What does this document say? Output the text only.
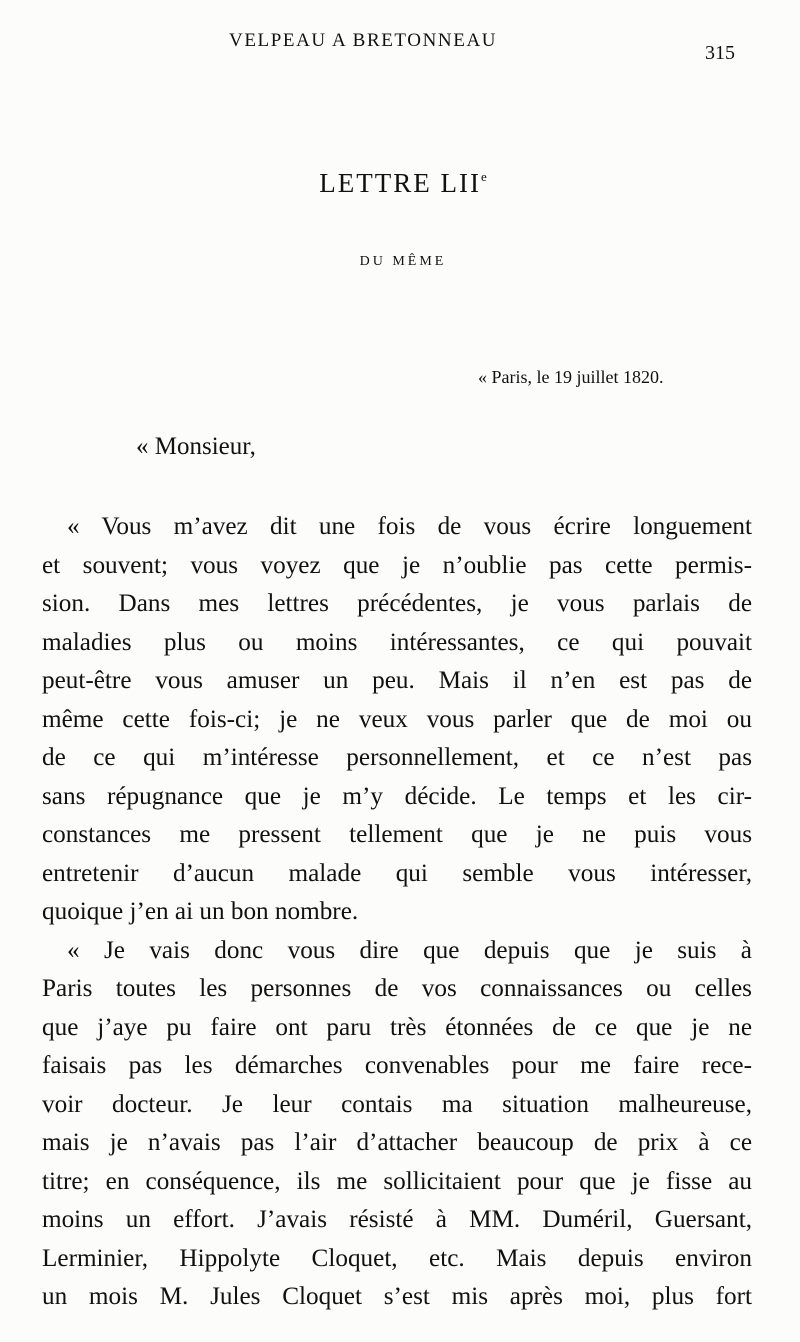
VELPEAU A BRETONNEAU
315
LETTRE LIIe
DU MÊME
« Paris, le 19 juillet 1820.
« Monsieur,
« Vous m’avez dit une fois de vous écrire longuement
et souvent; vous voyez que je n’oublie pas cette permis-
sion. Dans mes lettres précédentes, je vous parlais de
maladies plus ou moins intéressantes, ce qui pouvait
peut-être vous amuser un peu. Mais il n’en est pas de
même cette fois-ci; je ne veux vous parler que de moi ou
de ce qui m’intéresse personnellement, et ce n’est pas
sans répugnance que je m’y décide. Le temps et les cir-
constances me pressent tellement que je ne puis vous
entretenir d’aucun malade qui semble vous intéresser,
quoique j’en ai un bon nombre.
« Je vais donc vous dire que depuis que je suis à
Paris toutes les personnes de vos connaissances ou celles
que j’aye pu faire ont paru très étonnées de ce que je ne
faisais pas les démarches convenables pour me faire rece-
voir docteur. Je leur contais ma situation malheureuse,
mais je n’avais pas l’air d’attacher beaucoup de prix à ce
titre; en conséquence, ils me sollicitaient pour que je fisse au
moins un effort. J’avais résisté à MM. Duméril, Guersant,
Lerminier, Hippolyte Cloquet, etc. Mais depuis environ
un mois M. Jules Cloquet s’est mis après moi, plus fort
